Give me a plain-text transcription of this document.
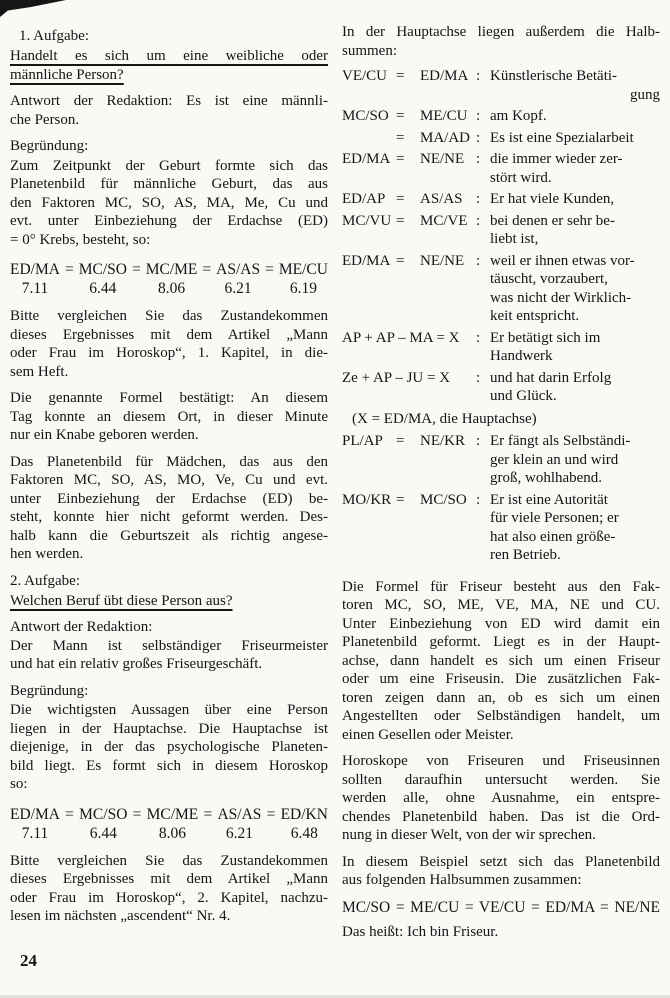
1. Aufgabe:
Handelt es sich um eine weibliche oder
männliche Person?
Antwort der Redaktion: Es ist eine männli-
che Person.
Begründung:
Zum Zeitpunkt der Geburt formte sich das
Planetenbild für männliche Geburt, das aus
den Faktoren MC, SO, AS, MA, Me, Cu und
evt. unter Einbeziehung der Erdachse (ED)
= 0° Krebs, besteht, so:
ED/MA = MC/SO = MC/ME = AS/AS = ME/CU
7.11	6.44	8.06	6.21	6.19
Bitte vergleichen Sie das Zustandekommen
dieses Ergebnisses mit dem Artikel „Mann
oder Frau im Horoskop“, 1. Kapitel, in die-
sem Heft.
Die genannte Formel bestätigt: An diesem
Tag konnte an diesem Ort, in dieser Minute
nur ein Knabe geboren werden.
Das Planetenbild für Mädchen, das aus den
Faktoren MC, SO, AS, MO, Ve, Cu und evt.
unter Einbeziehung der Erdachse (ED) be-
steht, konnte hier nicht geformt werden. Des-
halb kann die Geburtszeit als richtig angese-
hen werden.
2. Aufgabe:
Welchen Beruf übt diese Person aus?
Antwort der Redaktion:
Der Mann ist selbständiger Friseurmeister
und hat ein relativ großes Friseurgeschäft.
Begründung:
Die wichtigsten Aussagen über eine Person
liegen in der Hauptachse. Die Hauptachse ist
diejenige, in der das psychologische Planeten-
bild liegt. Es formt sich in diesem Horoskop
so:
ED/MA = MC/SO = MC/ME = AS/AS = ED/KN
7.11	6.44	8.06	6.21	6.48
Bitte vergleichen Sie das Zustandekommen
dieses Ergebnisses mit dem Artikel „Mann
oder Frau im Horoskop“, 2. Kapitel, nachzu-
lesen im nächsten „ascendent“ Nr. 4.
In der Hauptachse liegen außerdem die Halb-
summen:
VE/CU =	ED/MA : Künstlerische Betäti-
gung
MC/SO =	ME/CU : am Kopf.
=	MA/AD : Es ist eine Spezialarbeit
ED/MA =	NE/NE : die immer wieder zer-
stört wird.
ED/AP =	AS/AS : Er hat viele Kunden,
MC/VU =	MC/VE : bei denen er sehr be-
liebt ist,
ED/MA =	NE/NE : weil er ihnen etwas vor-
täuscht, vorzaubert,
was nicht der Wirklich-
keit entspricht.
AP + AP – MA = X	: Er betätigt sich im
Handwerk
Ze + AP – JU = X	: und hat darin Erfolg
und Glück.
(X = ED/MA, die Hauptachse)
PL/AP =	NE/KR : Er fängt als Selbständi-
ger klein an und wird
groß, wohlhabend.
MO/KR =	MC/SO : Er ist eine Autorität
für viele Personen; er
hat also einen größe-
ren Betrieb.
Die Formel für Friseur besteht aus den Fak-
toren MC, SO, ME, VE, MA, NE und CU.
Unter Einbeziehung von ED wird damit ein
Planetenbild geformt. Liegt es in der Haupt-
achse, dann handelt es sich um einen Friseur
oder um eine Friseusin. Die zusätzlichen Fak-
toren zeigen dann an, ob es sich um einen
Angestellten oder Selbständigen handelt, um
einen Gesellen oder Meister.
Horoskope von Friseuren und Friseusinnen
sollten daraufhin untersucht werden. Sie
werden alle, ohne Ausnahme, ein entspre-
chendes Planetenbild haben. Das ist die Ord-
nung in dieser Welt, von der wir sprechen.
In diesem Beispiel setzt sich das Planetenbild
aus folgenden Halbsummen zusammen:
MC/SO = ME/CU = VE/CU = ED/MA = NE/NE
Das heißt: Ich bin Friseur.
24
